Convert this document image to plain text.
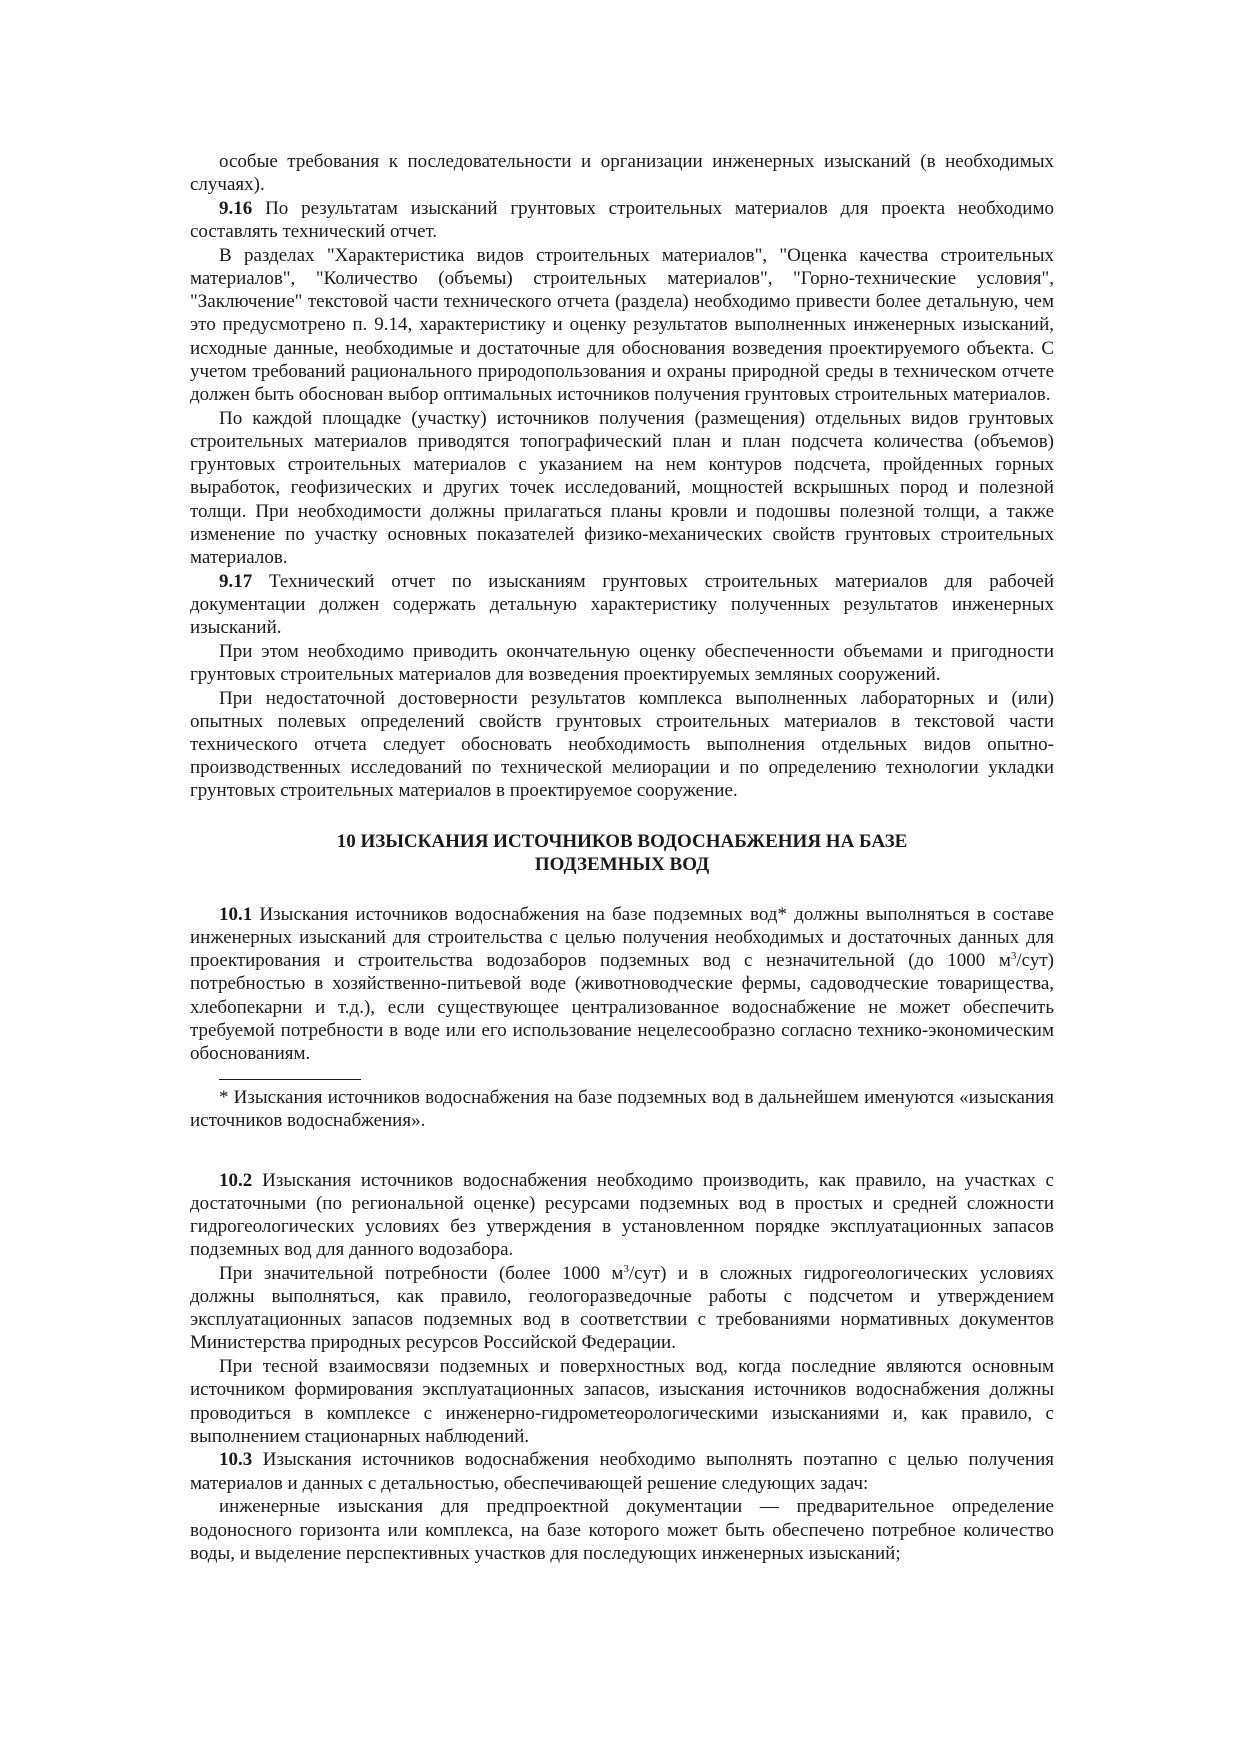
особые требования к последовательности и организации инженерных изысканий (в необходимых случаях).

9.16 По результатам изысканий грунтовых строительных материалов для проекта необходимо составлять технический отчет.

В разделах "Характеристика видов строительных материалов", "Оценка качества строительных материалов", "Количество (объемы) строительных материалов", "Горно-технические условия", "Заключение" текстовой части технического отчета (раздела) необходимо привести более детальную, чем это предусмотрено п. 9.14, характеристику и оценку результатов выполненных инженерных изысканий, исходные данные, необходимые и достаточные для обоснования возведения проектируемого объекта. С учетом требований рационального природопользования и охраны природной среды в техническом отчете должен быть обоснован выбор оптимальных источников получения грунтовых строительных материалов.

По каждой площадке (участку) источников получения (размещения) отдельных видов грунтовых строительных материалов приводятся топографический план и план подсчета количества (объемов) грунтовых строительных материалов с указанием на нем контуров подсчета, пройденных горных выработок, геофизических и других точек исследований, мощностей вскрышных пород и полезной толщи. При необходимости должны прилагаться планы кровли и подошвы полезной толщи, а также изменение по участку основных показателей физико-механических свойств грунтовых строительных материалов.

9.17 Технический отчет по изысканиям грунтовых строительных материалов для рабочей документации должен содержать детальную характеристику полученных результатов инженерных изысканий.

При этом необходимо приводить окончательную оценку обеспеченности объемами и пригодности грунтовых строительных материалов для возведения проектируемых земляных сооружений.

При недостаточной достоверности результатов комплекса выполненных лабораторных и (или) опытных полевых определений свойств грунтовых строительных материалов в текстовой части технического отчета следует обосновать необходимость выполнения отдельных видов опытно-производственных исследований по технической мелиорации и по определению технологии укладки грунтовых строительных материалов в проектируемое сооружение.

10 ИЗЫСКАНИЯ ИСТОЧНИКОВ ВОДОСНАБЖЕНИЯ НА БАЗЕ
ПОДЗЕМНЫХ ВОД

10.1 Изыскания источников водоснабжения на базе подземных вод* должны выполняться в составе инженерных изысканий для строительства с целью получения необходимых и достаточных данных для проектирования и строительства водозаборов подземных вод с незначительной (до 1000 $м^3/сут$) потребностью в хозяйственно-питьевой воде (животноводческие фермы, садоводческие товарищества, хлебопекарни и т.д.), если существующее централизованное водоснабжение не может обеспечить требуемой потребности в воде или его использование нецелесообразно согласно технико-экономическим обоснованиям.

* Изыскания источников водоснабжения на базе подземных вод в дальнейшем именуются «изыскания источников водоснабжения».

10.2 Изыскания источников водоснабжения необходимо производить, как правило, на участках с достаточными (по региональной оценке) ресурсами подземных вод в простых и средней сложности гидрогеологических условиях без утверждения в установленном порядке эксплуатационных запасов подземных вод для данного водозабора.

При значительной потребности (более 1000 $м^3/сут$) и в сложных гидрогеологических условиях должны выполняться, как правило, геологоразведочные работы с подсчетом и утверждением эксплуатационных запасов подземных вод в соответствии с требованиями нормативных документов Министерства природных ресурсов Российской Федерации.

При тесной взаимосвязи подземных и поверхностных вод, когда последние являются основным источником формирования эксплуатационных запасов, изыскания источников водоснабжения должны проводиться в комплексе с инженерно-гидрометеорологическими изысканиями и, как правило, с выполнением стационарных наблюдений.

10.3 Изыскания источников водоснабжения необходимо выполнять поэтапно с целью получения материалов и данных с детальностью, обеспечивающей решение следующих задач:

инженерные изыскания для предпроектной документации — предварительное определение водоносного горизонта или комплекса, на базе которого может быть обеспечено потребное количество воды, и выделение перспективных участков для последующих инженерных изысканий;
